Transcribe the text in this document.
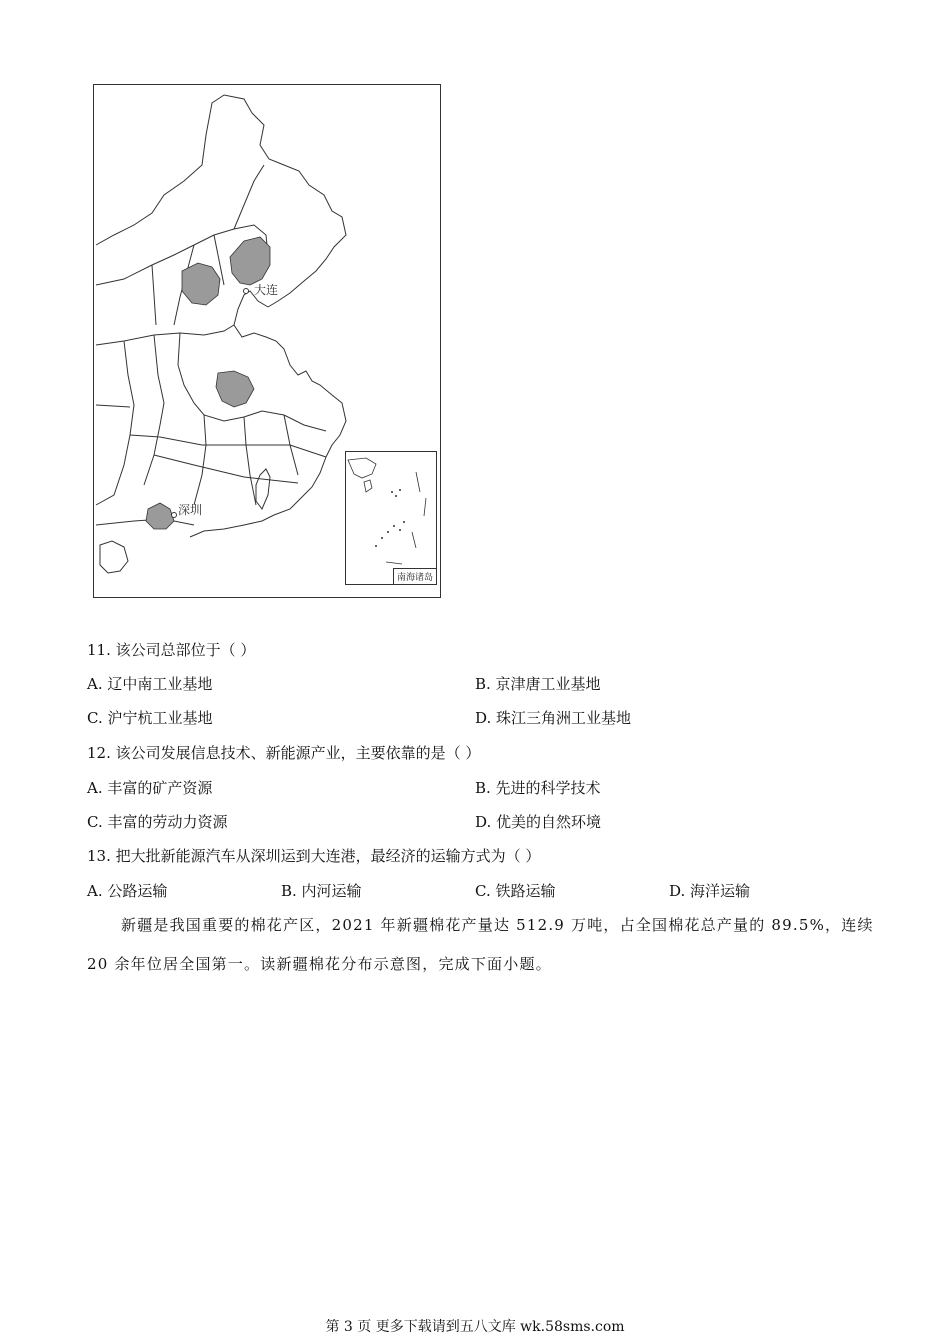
大连
深圳
南海诸岛
11. 该公司总部位于（ ）
A. 辽中南工业基地	B. 京津唐工业基地
C. 沪宁杭工业基地	D. 珠江三角洲工业基地
12. 该公司发展信息技术、新能源产业，主要依靠的是（ ）
A. 丰富的矿产资源	B. 先进的科学技术
C. 丰富的劳动力资源	D. 优美的自然环境
13. 把大批新能源汽车从深圳运到大连港，最经济的运输方式为（ ）
A. 公路运输	B. 内河运输	C. 铁路运输	D. 海洋运输
新疆是我国重要的棉花产区，2021 年新疆棉花产量达 512.9 万吨，占全国棉花总产量的 89.5%，连续
20 余年位居全国第一。读新疆棉花分布示意图，完成下面小题。
第 3 页 更多下载请到五八文库 wk.58sms.com
